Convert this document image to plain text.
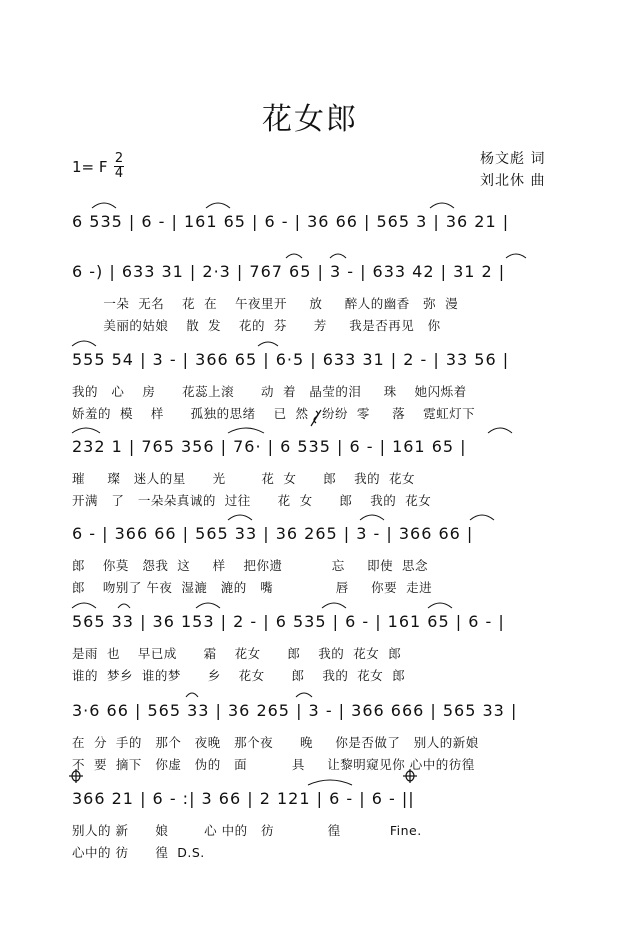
花女郎
1= F 2
4
杨文彪 词
刘北休 曲
6 535 | 6 - | 161 65 | 6 - | 36 66 | 565 3 | 36 21 |
6 -) | 633 31 | 2·3 | 767 65 | 3 - | 633 42 | 31 2 |
一朵  无名    花  在    午夜里开     放     醉人的幽香   弥  漫
美丽的姑娘    散  发    花的  芬      芳     我是否再见   你
555 54 | 3 - | 366 65 | 6·5 | 633 31 | 2 - | 33 56 |
我的   心    房      花蕊上滚      动  着   晶莹的泪     珠    她闪烁着
娇羞的  模    样      孤独的思绪    已  然   纷纷  零     落    霓虹灯下
232 1 | 765 356 | 76· | 6 535 | 6 - | 161 65 |
璀     璨   迷人的星      光        花  女      郎    我的  花女
开满   了   一朵朵真诚的  过往      花  女      郎    我的  花女
6 - | 366 66 | 565 33 | 36 265 | 3 - | 366 66 |
郎    你莫   怨我  这     样    把你遗           忘     即使  思念
郎    吻别了 午夜  湿漉   漉的   嘴              唇     你要  走进
565 33 | 36 153 | 2 - | 6 535 | 6 - | 161 65 | 6 - |
是雨  也    早已成      霜    花女      郎    我的  花女  郎
谁的  梦乡  谁的梦      乡    花女      郎    我的  花女  郎
3·6 66 | 565 33 | 36 265 | 3 - | 366 666 | 565 33 |
在  分  手的   那个   夜晚   那个夜      晚     你是否做了   别人的新娘
不  要  摘下   你虚   伪的   面          具     让黎明窥见你 心中的彷徨
366 21 | 6 - :| 3 66 | 2 121 | 6 - | 6 - ||
别人的 新      娘        心 中的   彷            徨           Fine.
心中的 彷      徨  D.S.
